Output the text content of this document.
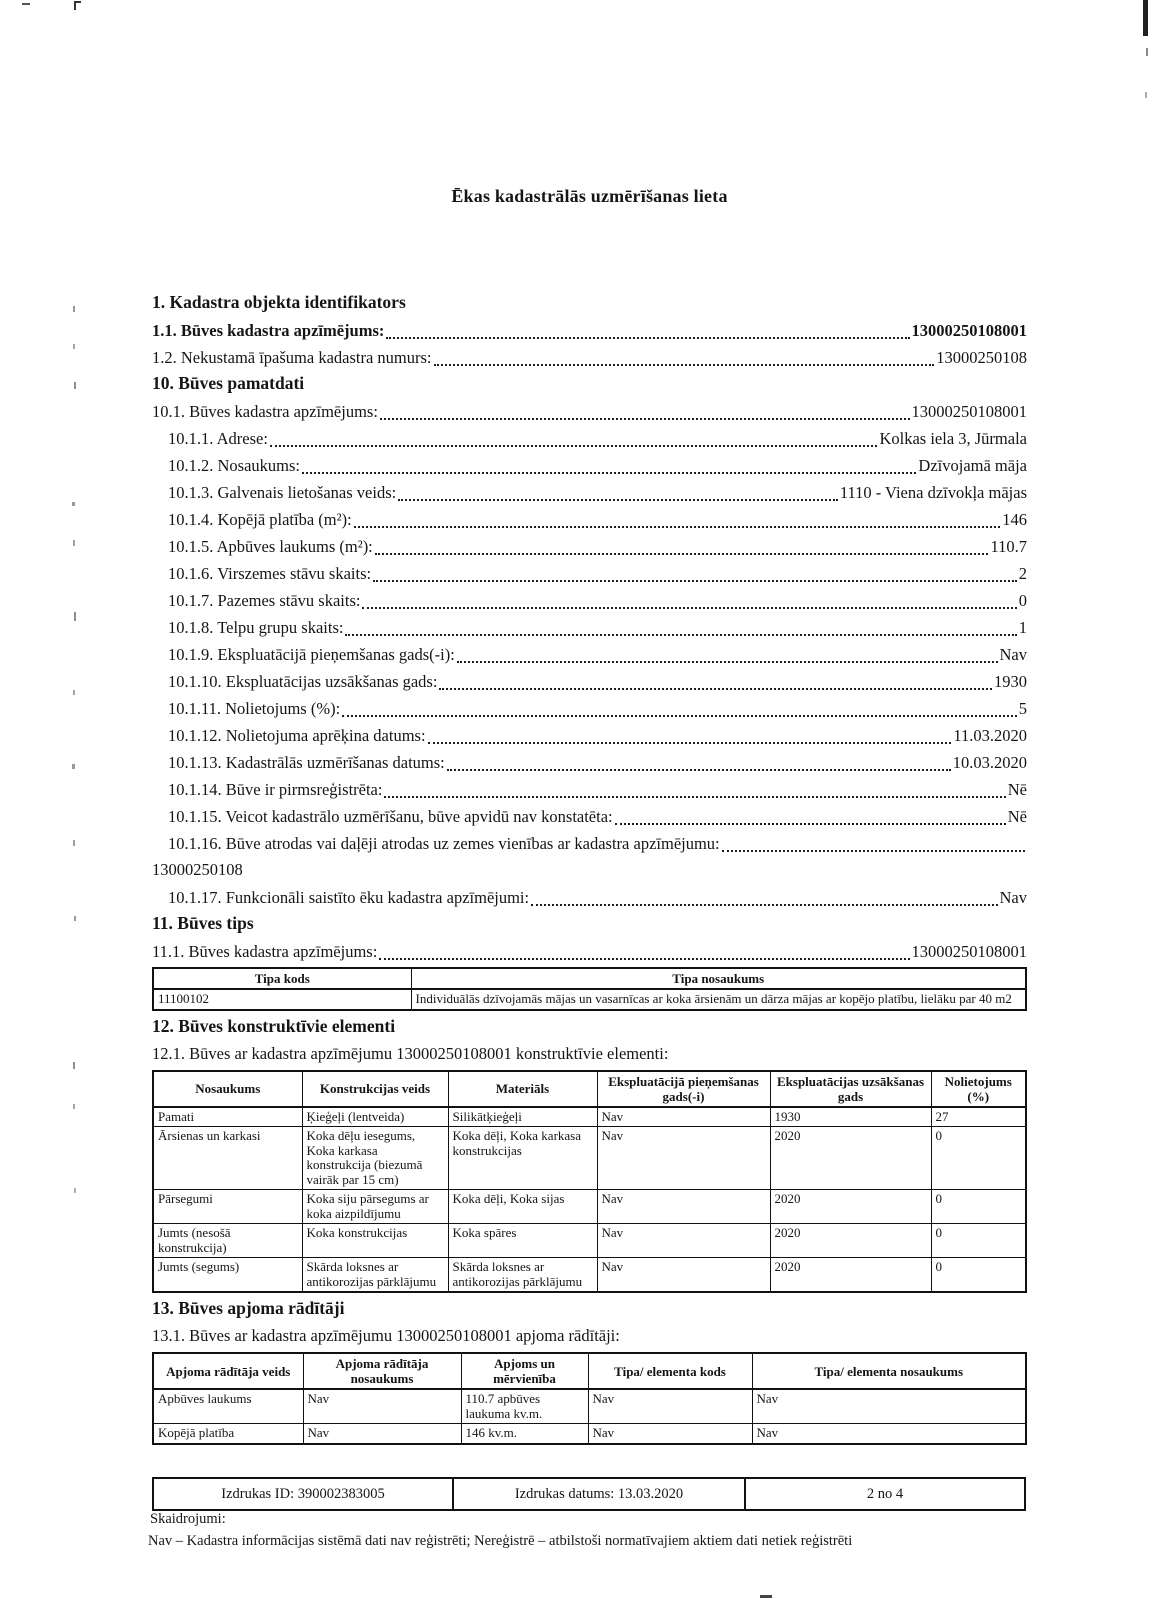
Ēkas kadastrālās uzmērīšanas lieta
1. Kadastra objekta identifikators
1.1. Būves kadastra apzīmējums:	13000250108001
1.2. Nekustamā īpašuma kadastra numurs:	13000250108
10. Būves pamatdati
10.1. Būves kadastra apzīmējums:	13000250108001
10.1.1. Adrese:	Kolkas iela 3, Jūrmala
10.1.2. Nosaukums:	Dzīvojamā māja
10.1.3. Galvenais lietošanas veids:	1110 - Viena dzīvokļa mājas
10.1.4. Kopējā platība (m²):	146
10.1.5. Apbūves laukums (m²):	110.7
10.1.6. Virszemes stāvu skaits:	2
10.1.7. Pazemes stāvu skaits:	0
10.1.8. Telpu grupu skaits:	1
10.1.9. Ekspluatācijā pieņemšanas gads(-i):	Nav
10.1.10. Ekspluatācijas uzsākšanas gads:	1930
10.1.11. Nolietojums (%):	5
10.1.12. Nolietojuma aprēķina datums:	11.03.2020
10.1.13. Kadastrālās uzmērīšanas datums:	10.03.2020
10.1.14. Būve ir pirmsreģistrēta:	Nē
10.1.15. Veicot kadastrālo uzmērīšanu, būve apvidū nav konstatēta:	Nē
10.1.16. Būve atrodas vai daļēji atrodas uz zemes vienības ar kadastra apzīmējumu:
13000250108
10.1.17. Funkcionāli saistīto ēku kadastra apzīmējumi:	Nav
11. Būves tips
11.1. Būves kadastra apzīmējums:	13000250108001
Tipa kods	Tipa nosaukums
11100102	Individuālās dzīvojamās mājas un vasarnīcas ar koka ārsienām un dārza mājas ar kopējo platību, lielāku par 40 m2
12. Būves konstruktīvie elementi
12.1. Būves ar kadastra apzīmējumu 13000250108001 konstruktīvie elementi:
Nosaukums	Konstrukcijas veids	Materiāls	Ekspluatācijā pieņemšanas gads(-i)	Ekspluatācijas uzsākšanas gads	Nolietojums (%)
Pamati	Ķieģeļi (lentveida)	Silikātķieģeļi	Nav	1930	27
Ārsienas un karkasi	Koka dēļu iesegums, Koka karkasa konstrukcija (biezumā vairāk par 15 cm)	Koka dēļi, Koka karkasa konstrukcijas	Nav	2020	0
Pārsegumi	Koka siju pārsegums ar koka aizpildījumu	Koka dēļi, Koka sijas	Nav	2020	0
Jumts (nesošā konstrukcija)	Koka konstrukcijas	Koka spāres	Nav	2020	0
Jumts (segums)	Skārda loksnes ar antikorozijas pārklājumu	Skārda loksnes ar antikorozijas pārklājumu	Nav	2020	0
13. Būves apjoma rādītāji
13.1. Būves ar kadastra apzīmējumu 13000250108001 apjoma rādītāji:
Apjoma rādītāja veids	Apjoma rādītāja nosaukums	Apjoms un mērvienība	Tipa/ elementa kods	Tipa/ elementa nosaukums
Apbūves laukums	Nav	110.7 apbūves laukuma kv.m.	Nav	Nav
Kopējā platība	Nav	146 kv.m.	Nav	Nav
Izdrukas ID: 390002383005	Izdrukas datums: 13.03.2020	2 no 4
Skaidrojumi:
Nav – Kadastra informācijas sistēmā dati nav reģistrēti; Nereģistrē – atbilstoši normatīvajiem aktiem dati netiek reģistrēti
